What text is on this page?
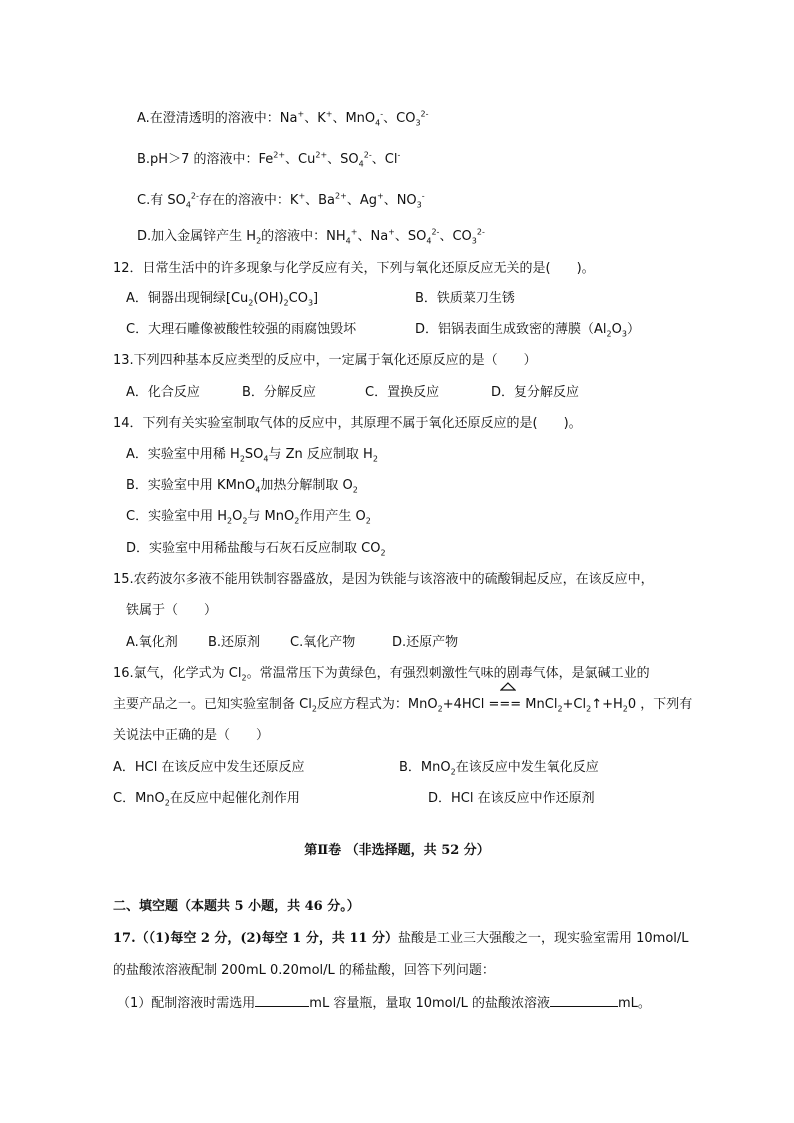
A.在澄清透明的溶液中：Na+、K+、MnO$_4$-、$CO_3^{2-}$
B.pH＞7 的溶液中：$Fe^{2+}$、$Cu^{2+}$、$SO_4^{2-}$、Cl-
C.有 $SO_4^{2-}$存在的溶液中：K+、$Ba^{2+}$、Ag+、$NO_3^-$
D.加入金属锌产生 $H_2$的溶液中：$NH_4^+$、Na+、$SO_4^{2-}$、$CO_3^{2-}$
12．日常生活中的许多现象与化学反应有关，下列与氧化还原反应无关的是(　　)。
A．铜器出现铜绿$[Cu_2(OH)_2CO_3]$	B．铁质菜刀生锈
C．大理石雕像被酸性较强的雨腐蚀毁坏	D．铝锅表面生成致密的薄膜$(Al_2O_3)$
13.下列四种基本反应类型的反应中，一定属于氧化还原反应的是（　　）
A．化合反应	B．分解反应	C．置换反应	D．复分解反应
14．下列有关实验室制取气体的反应中，其原理不属于氧化还原反应的是(　　)。
A．实验室中用稀 $H_2SO_4$与 Zn 反应制取 $H_2$
B．实验室中用 KMnO$_4$加热分解制取 $O_2$
C．实验室中用 $H_2O_2$与 MnO$_2$作用产生 $O_2$
D．实验室中用稀盐酸与石灰石反应制取 $CO_2$
15.农药波尔多液不能用铁制容器盛放，是因为铁能与该溶液中的硫酸铜起反应，在该反应中，
铁属于（　　）
A.氧化剂 B.还原剂 C.氧化产物	D.还原产物
16.氯气，化学式为 $Cl_2$。常温常压下为黄绿色，有强烈刺激性气味的剧毒气体，是氯碱工业的
主要产品之一。已知实验室制备 $Cl_2$反应方程式为：MnO$_2$+4HCl === $MnCl_2+Cl_2↑+H_20$ ，下列有
关说法中正确的是（　　）
A．HCl 在该反应中发生还原反应	B．MnO$_2$在该反应中发生氧化反应
C．MnO$_2$在反应中起催化剂作用	D．HCl 在该反应中作还原剂
第Ⅱ卷 （非选择题，共 52 分）
二、填空题（本题共 5 小题，共 46 分。）
17.（（1)每空 2 分，(2)每空 1 分，共 11 分）盐酸是工业三大强酸之一，现实验室需用 10mol/L
的盐酸浓溶液配制 200mL 0.20mol/L 的稀盐酸，回答下列问题：
（1）配制溶液时需选用	mL 容量瓶，量取 10mol/L 的盐酸浓溶液	mL。
